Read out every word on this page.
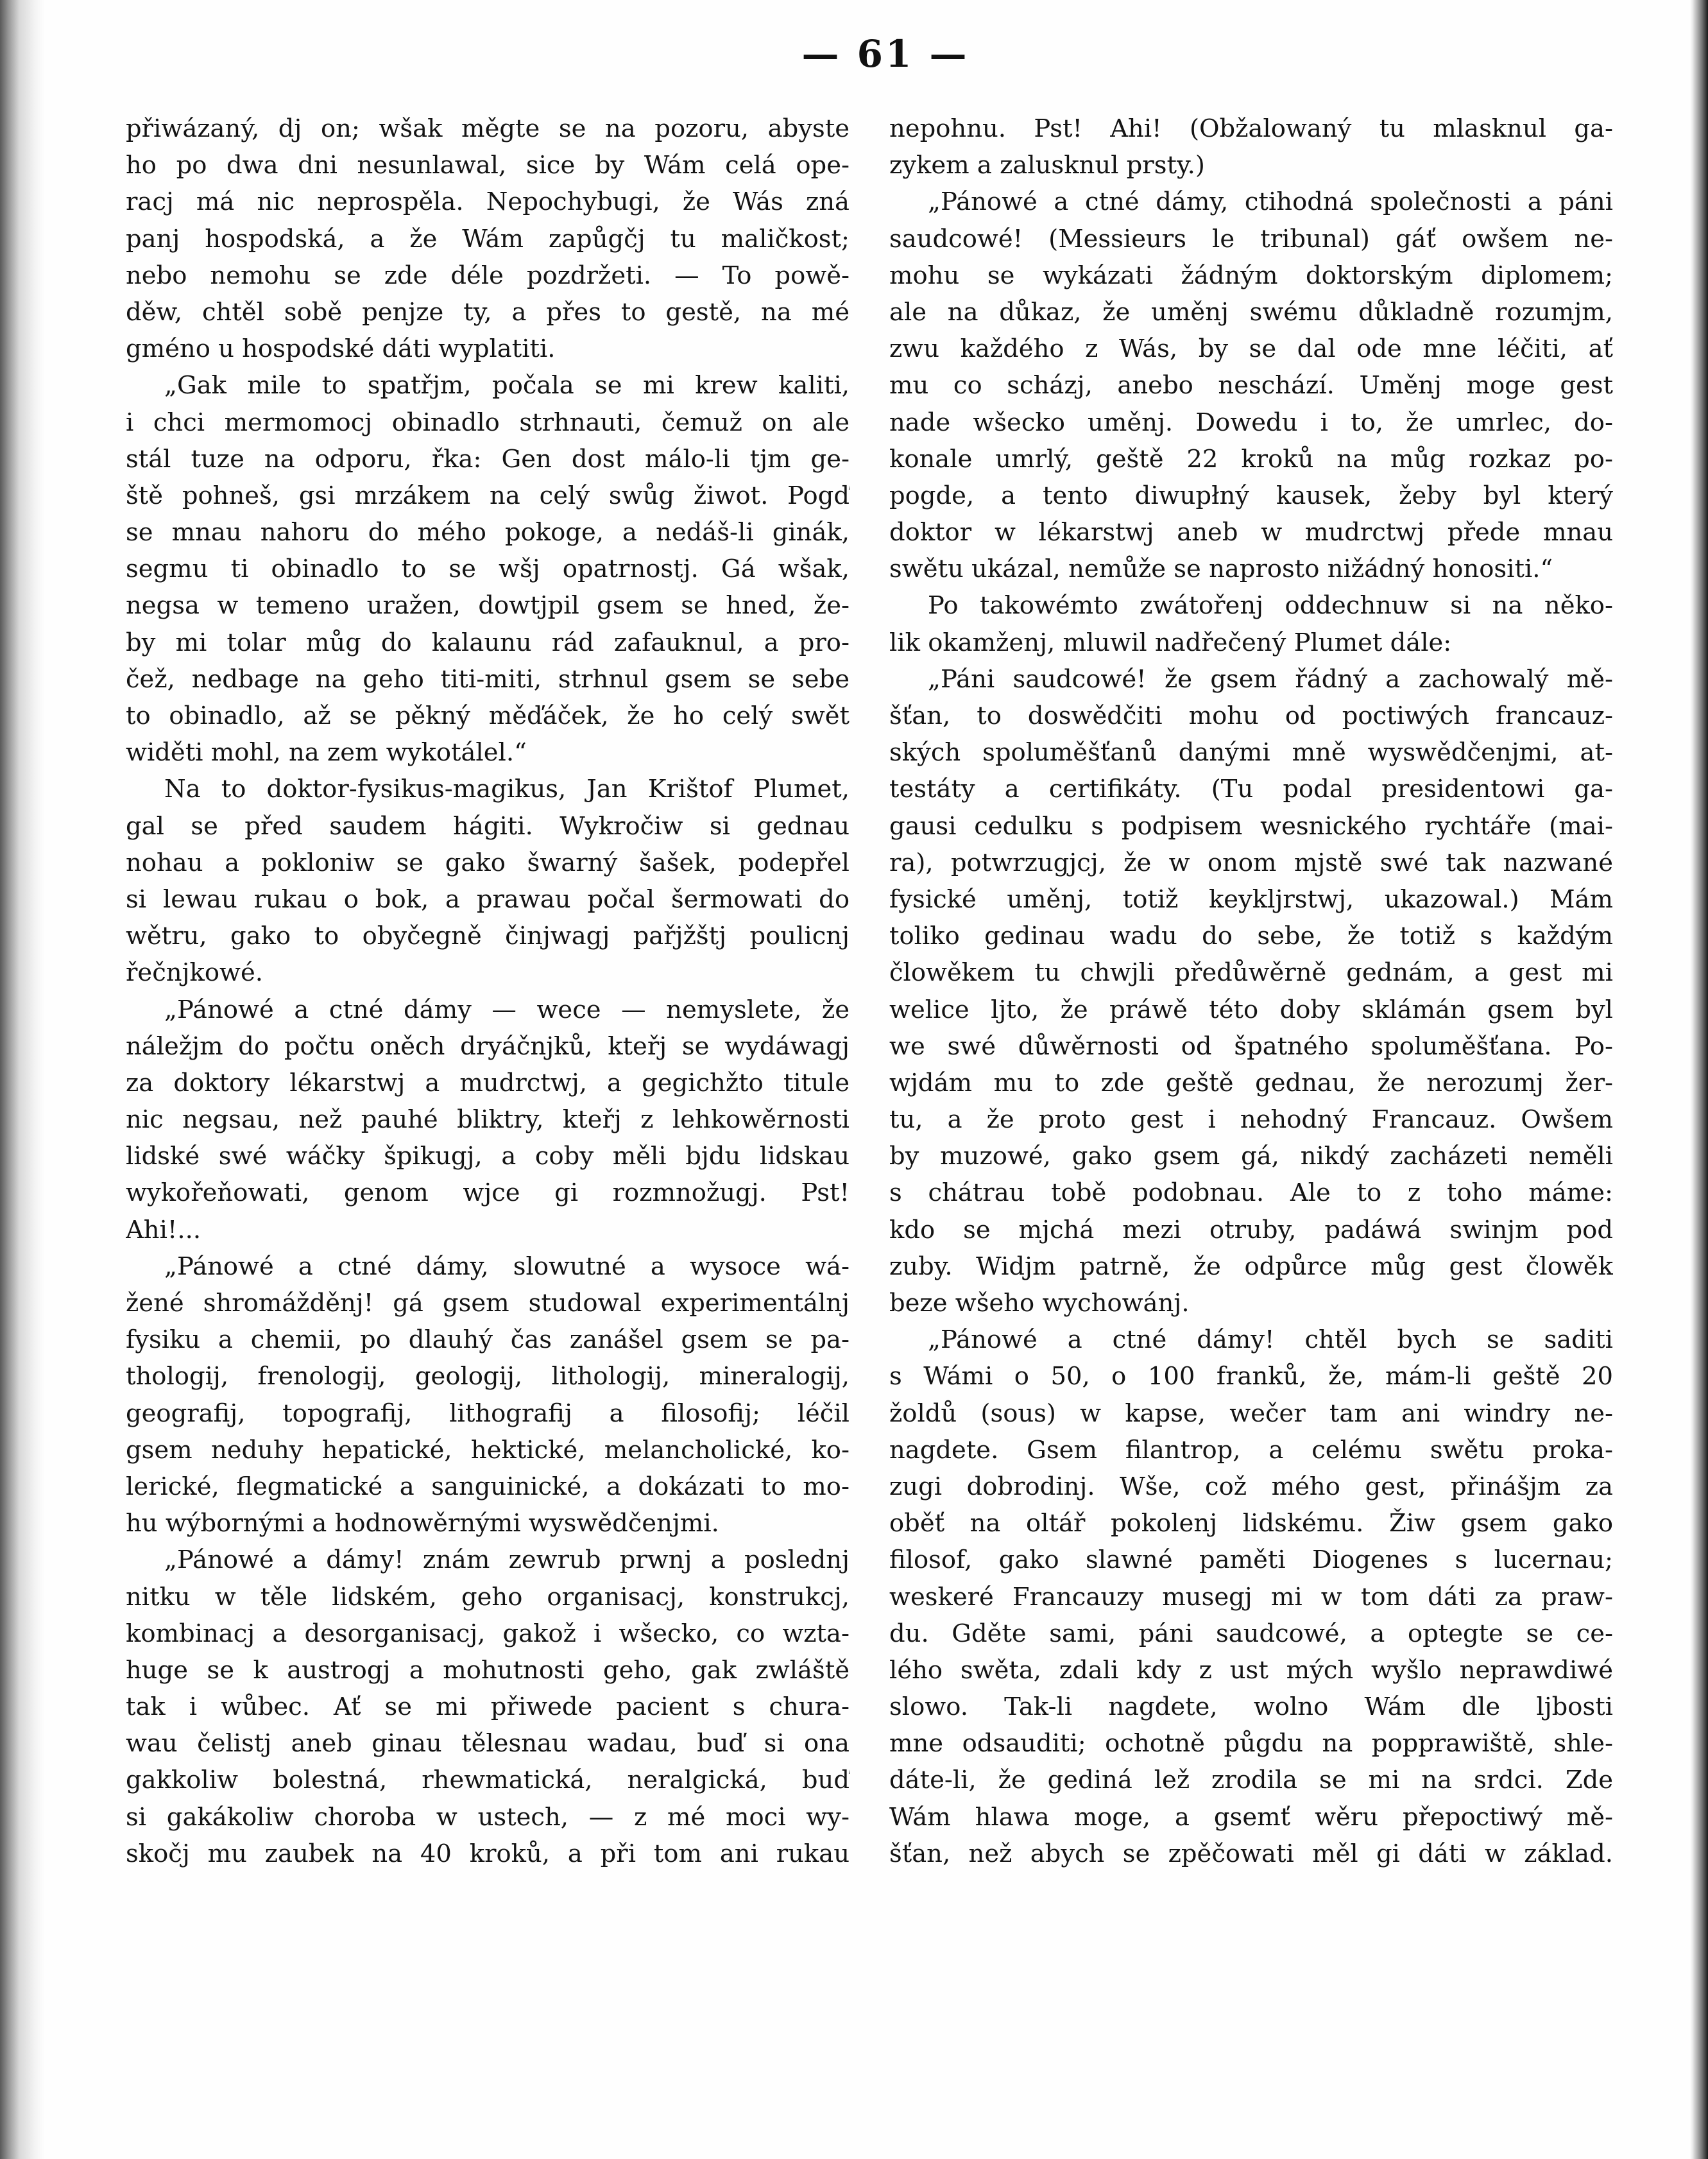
— 61 —
přiwázaný, dj on; wšak měgte se na pozoru, abyste
ho po dwa dni nesunlawal, sice by Wám celá ope-
racj má nic neprospěla. Nepochybugi, že Wás zná
panj hospodská, a že Wám zapůgčj tu maličkost;
nebo nemohu se zde déle pozdržeti. — To powě-
děw, chtěl sobě penjze ty, a přes to gestě, na mé
gméno u hospodské dáti wyplatiti.
„Gak mile to spatřjm, počala se mi krew kaliti,
i chci mermomocj obinadlo strhnauti, čemuž on ale
stál tuze na odporu, řka: Gen dost málo-li tjm ge-
ště pohneš, gsi mrzákem na celý swůg žiwot. Pogď
se mnau nahoru do mého pokoge, a nedáš-li ginák,
segmu ti obinadlo to se wšj opatrnostj. Gá wšak,
negsa w temeno uražen, dowtjpil gsem se hned, že-
by mi tolar můg do kalaunu rád zafauknul, a pro-
čež, nedbage na geho titi-miti, strhnul gsem se sebe
to obinadlo, až se pěkný měďáček, že ho celý swět
widěti mohl, na zem wykotálel.“
Na to doktor-fysikus-magikus, Jan Krištof Plumet,
gal se před saudem hágiti. Wykročiw si gednau
nohau a pokloniw se gako šwarný šašek, podepřel
si lewau rukau o bok, a prawau počal šermowati do
wětru, gako to obyčegně činjwagj pařjžštj poulicnj
řečnjkowé.
„Pánowé a ctné dámy — wece — nemyslete, že
náležjm do počtu oněch dryáčnjků, kteřj se wydáwagj
za doktory lékarstwj a mudrctwj, a gegichžto titule
nic negsau, než pauhé bliktry, kteřj z lehkowěrnosti
lidské swé wáčky špikugj, a coby měli bjdu lidskau
wykořeňowati, genom wjce gi rozmnožugj. Pst!
Ahi!...
„Pánowé a ctné dámy, slowutné a wysoce wá-
žené shromážděnj! gá gsem studowal experimentálnj
fysiku a chemii, po dlauhý čas zanášel gsem se pa-
thologij, frenologij, geologij, lithologij, mineralogij,
geografij, topografij, lithografij a filosofij; léčil
gsem neduhy hepatické, hektické, melancholické, ko-
lerické, flegmatické a sanguinické, a dokázati to mo-
hu wýbornými a hodnowěrnými wyswědčenjmi.
„Pánowé a dámy! znám zewrub prwnj a poslednj
nitku w těle lidském, geho organisacj, konstrukcj,
kombinacj a desorganisacj, gakož i wšecko, co wzta-
huge se k austrogj a mohutnosti geho, gak zwláště
tak i wůbec. Ať se mi přiwede pacient s chura-
wau čelistj aneb ginau tělesnau wadau, buď si ona
gakkoliw bolestná, rhewmatická, neralgická, buď
si gakákoliw choroba w ustech, — z mé moci wy-
skočj mu zaubek na 40 kroků, a při tom ani rukau
nepohnu. Pst! Ahi! (Obžalowaný tu mlasknul ga-
zykem a zalusknul prsty.)
„Pánowé a ctné dámy, ctihodná společnosti a páni
saudcowé! (Messieurs le tribunal) gáť owšem ne-
mohu se wykázati žádným doktorským diplomem;
ale na důkaz, že uměnj swému důkladně rozumjm,
zwu každého z Wás, by se dal ode mne léčiti, ať
mu co scházj, anebo neschází. Uměnj moge gest
nade wšecko uměnj. Dowedu i to, že umrlec, do-
konale umrlý, geště 22 kroků na můg rozkaz po-
pogde, a tento diwupłný kausek, žeby byl který
doktor w lékarstwj aneb w mudrctwj přede mnau
swětu ukázal, nemůže se naprosto nižádný honositi.“
Po takowémto zwátořenj oddechnuw si na něko-
lik okamženj, mluwil nadřečený Plumet dále:
„Páni saudcowé! že gsem řádný a zachowalý mě-
šťan, to doswědčiti mohu od poctiwých francauz-
ských spoluměšťanů danými mně wyswědčenjmi, at-
testáty a certifikáty. (Tu podal presidentowi ga-
gausi cedulku s podpisem wesnického rychtáře (mai-
ra), potwrzugjcj, že w onom mjstě swé tak nazwané
fysické uměnj, totiž keykljrstwj, ukazowal.) Mám
toliko gedinau wadu do sebe, že totiž s každým
člowěkem tu chwjli předůwěrně gednám, a gest mi
welice ljto, že práwě této doby sklámán gsem byl
we swé důwěrnosti od špatného spoluměšťana. Po-
wjdám mu to zde geště gednau, že nerozumj žer-
tu, a že proto gest i nehodný Francauz. Owšem
by muzowé, gako gsem gá, nikdý zacházeti neměli
s chátrau tobě podobnau. Ale to z toho máme:
kdo se mjchá mezi otruby, padáwá swinjm pod
zuby. Widjm patrně, že odpůrce můg gest člowěk
beze wšeho wychowánj.
„Pánowé a ctné dámy! chtěl bych se saditi
s Wámi o 50, o 100 franků, že, mám-li geště 20
žoldů (sous) w kapse, wečer tam ani windry ne-
nagdete. Gsem filantrop, a celému swětu proka-
zugi dobrodinj. Wše, což mého gest, přinášjm za
oběť na oltář pokolenj lidskému. Žiw gsem gako
filosof, gako slawné paměti Diogenes s lucernau;
weskeré Francauzy musegj mi w tom dáti za praw-
du. Gděte sami, páni saudcowé, a optegte se ce-
lého swěta, zdali kdy z ust mých wyšlo neprawdiwé
slowo. Tak-li nagdete, wolno Wám dle ljbosti
mne odsauditi; ochotně půgdu na popprawiště, shle-
dáte-li, že gediná lež zrodila se mi na srdci. Zde
Wám hlawa moge, a gsemť wěru přepoctiwý mě-
šťan, než abych se zpěčowati měl gi dáti w základ.
